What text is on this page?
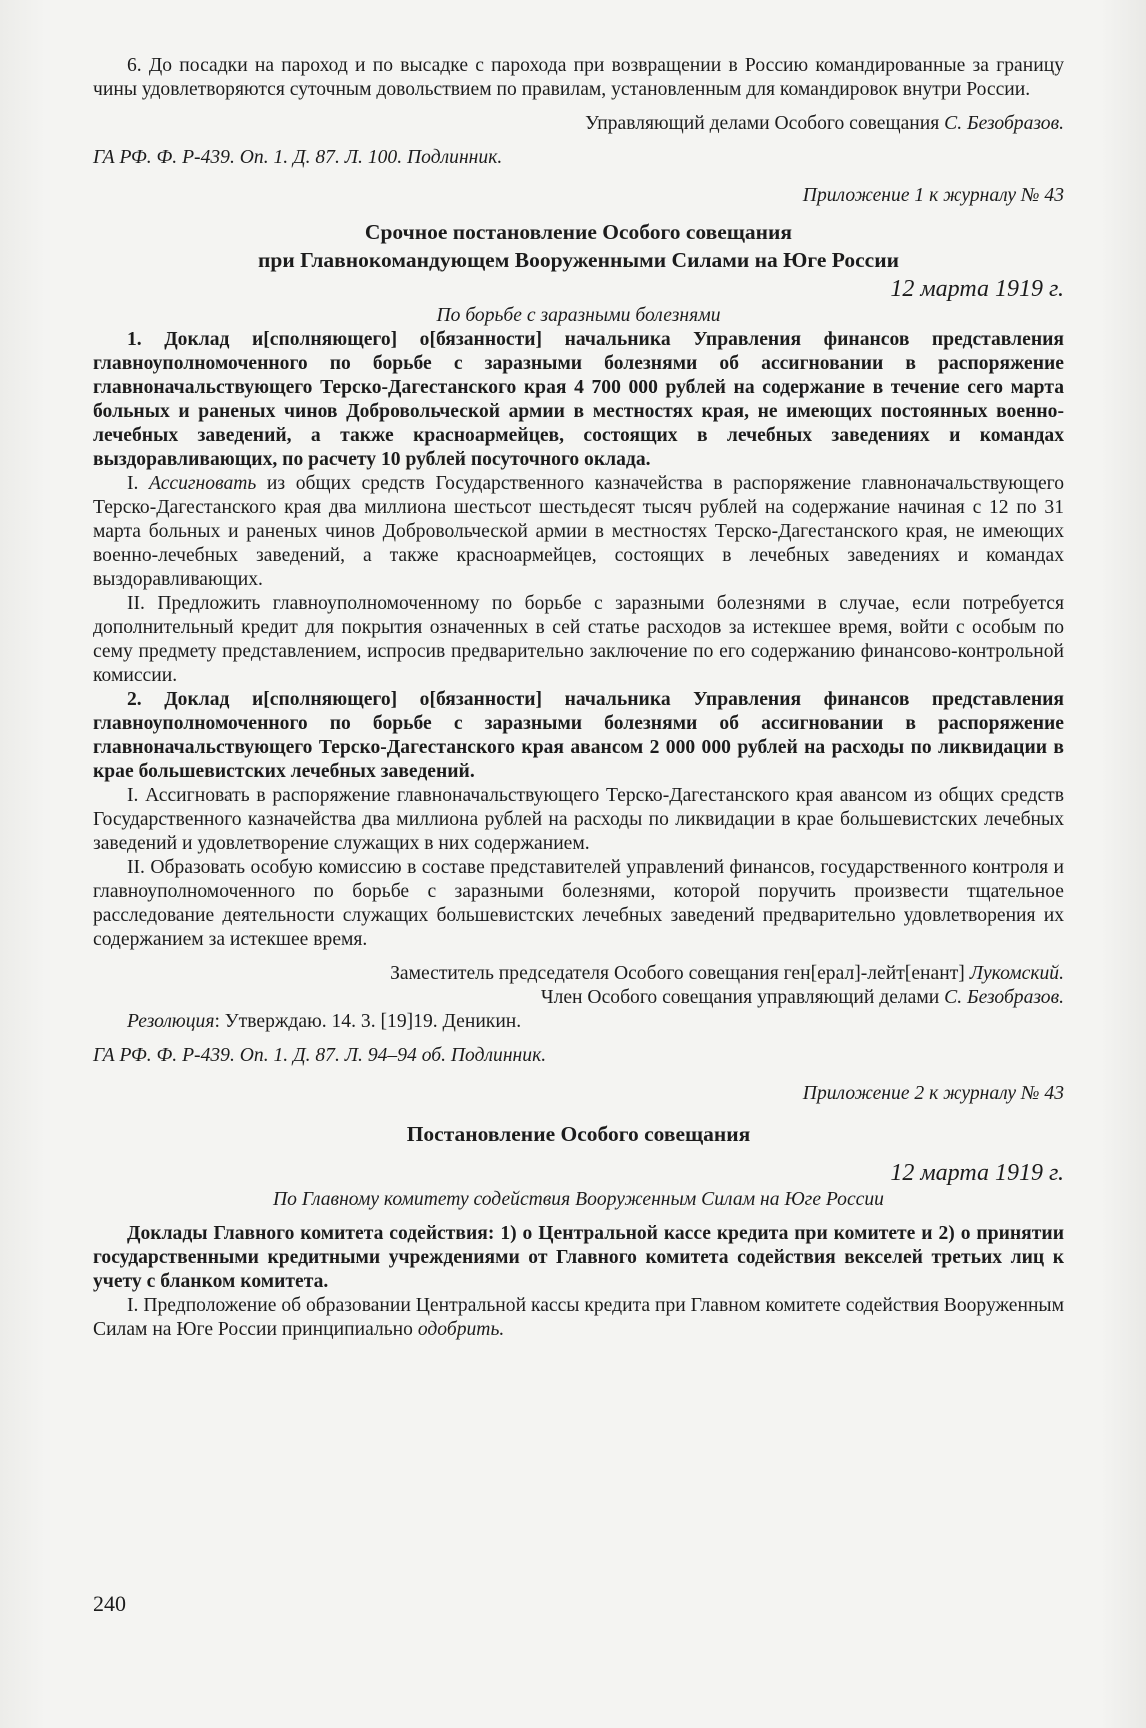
6. До посадки на пароход и по высадке с парохода при возвращении в Россию командированные за границу чины удовлетворяются суточным довольствием по правилам, установленным для командировок внутри России.

Управляющий делами Особого совещания С. Безобразов.

ГА РФ. Ф. Р-439. Оп. 1. Д. 87. Л. 100. Подлинник.

Приложение 1 к журналу № 43

Срочное постановление Особого совещания

при Главнокомандующем Вооруженными Силами на Юге России

12 марта 1919 г.

По борьбе с заразными болезнями

1. Доклад и[сполняющего] о[бязанности] начальника Управления финансов представления главноуполномоченного по борьбе с заразными болезнями об ассигновании в распоряжение главноначальствующего Терско-Дагестанского края 4 700 000 рублей на содержание в течение сего марта больных и раненых чинов Добровольческой армии в местностях края, не имеющих постоянных военно-лечебных заведений, а также красноармейцев, состоящих в лечебных заведениях и командах выздоравливающих, по расчету 10 рублей посуточного оклада.

I. Ассигновать из общих средств Государственного казначейства в распоряжение главноначальствующего Терско-Дагестанского края два миллиона шестьсот шестьдесят тысяч рублей на содержание начиная с 12 по 31 марта больных и раненых чинов Добровольческой армии в местностях Терско-Дагестанского края, не имеющих военно-лечебных заведений, а также красноармейцев, состоящих в лечебных заведениях и командах выздоравливающих.

II. Предложить главноуполномоченному по борьбе с заразными болезнями в случае, если потребуется дополнительный кредит для покрытия означенных в сей статье расходов за истекшее время, войти с особым по сему предмету представлением, испросив предварительно заключение по его содержанию финансово-контрольной комиссии.

2. Доклад и[сполняющего] о[бязанности] начальника Управления финансов представления главноуполномоченного по борьбе с заразными болезнями об ассигновании в распоряжение главноначальствующего Терско-Дагестанского края авансом 2 000 000 рублей на расходы по ликвидации в крае большевистских лечебных заведений.

I. Ассигновать в распоряжение главноначальствующего Терско-Дагестанского края авансом из общих средств Государственного казначейства два миллиона рублей на расходы по ликвидации в крае большевистских лечебных заведений и удовлетворение служащих в них содержанием.

II. Образовать особую комиссию в составе представителей управлений финансов, государственного контроля и главноуполномоченного по борьбе с заразными болезнями, которой поручить произвести тщательное расследование деятельности служащих большевистских лечебных заведений предварительно удовлетворения их содержанием за истекшее время.

Заместитель председателя Особого совещания ген[ерал]-лейт[енант] Лукомский.

Член Особого совещания управляющий делами С. Безобразов.

Резолюция: Утверждаю. 14. 3. [19]19. Деникин.

ГА РФ. Ф. Р-439. Оп. 1. Д. 87. Л. 94–94 об. Подлинник.

Приложение 2 к журналу № 43

Постановление Особого совещания

12 марта 1919 г.

По Главному комитету содействия Вооруженным Силам на Юге России

Доклады Главного комитета содействия: 1) о Центральной кассе кредита при комитете и 2) о принятии государственными кредитными учреждениями от Главного комитета содействия векселей третьих лиц к учету с бланком комитета.

I. Предположение об образовании Центральной кассы кредита при Главном комитете содействия Вооруженным Силам на Юге России принципиально одобрить.

240
